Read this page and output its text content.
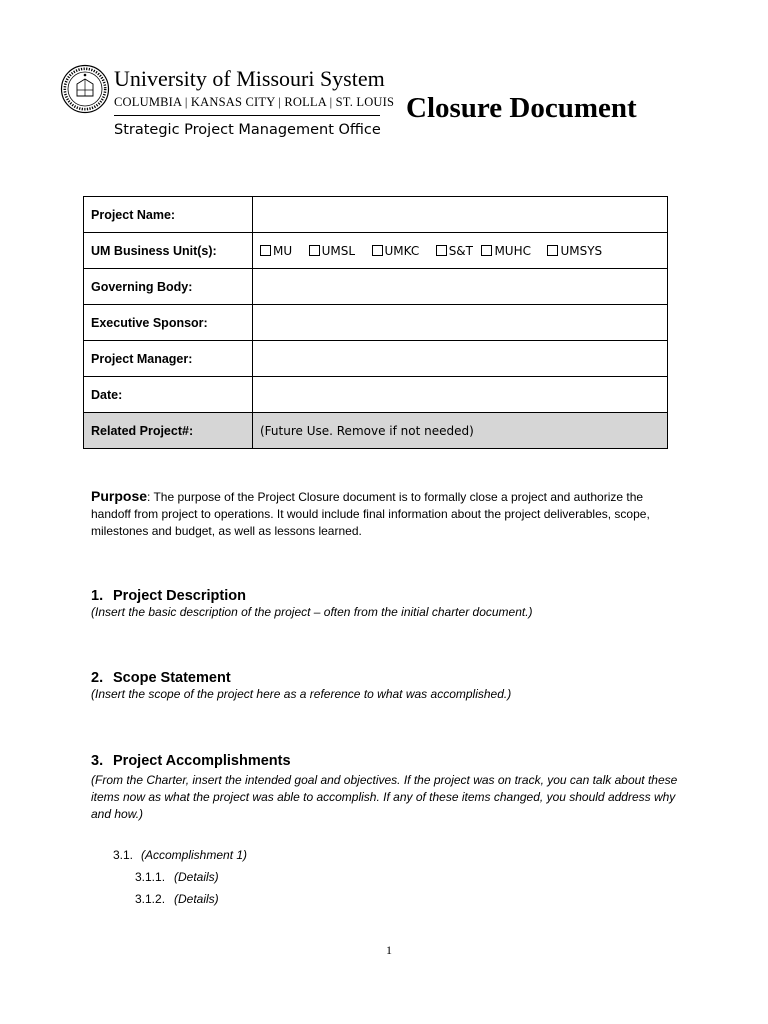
University of Missouri System
COLUMBIA | KANSAS CITY | ROLLA | ST. LOUIS
Strategic Project Management Office
Closure Document
Project Name:	
UM Business Unit(s):	MU UMSL UMKC S&T MUHC UMSYS
Governing Body:	
Executive Sponsor:	
Project Manager:	
Date:	
Related Project#:	(Future Use. Remove if not needed)
Purpose: The purpose of the Project Closure document is to formally close a project and authorize the handoff from project to operations. It would include final information about the project deliverables, scope, milestones and budget, as well as lessons learned.
1. Project Description
(Insert the basic description of the project – often from the initial charter document.)
2. Scope Statement
(Insert the scope of the project here as a reference to what was accomplished.)
3. Project Accomplishments
(From the Charter, insert the intended goal and objectives. If the project was on track, you can talk about these items now as what the project was able to accomplish. If any of these items changed, you should address why and how.)
3.1. (Accomplishment 1)
3.1.1. (Details)
3.1.2. (Details)
1
